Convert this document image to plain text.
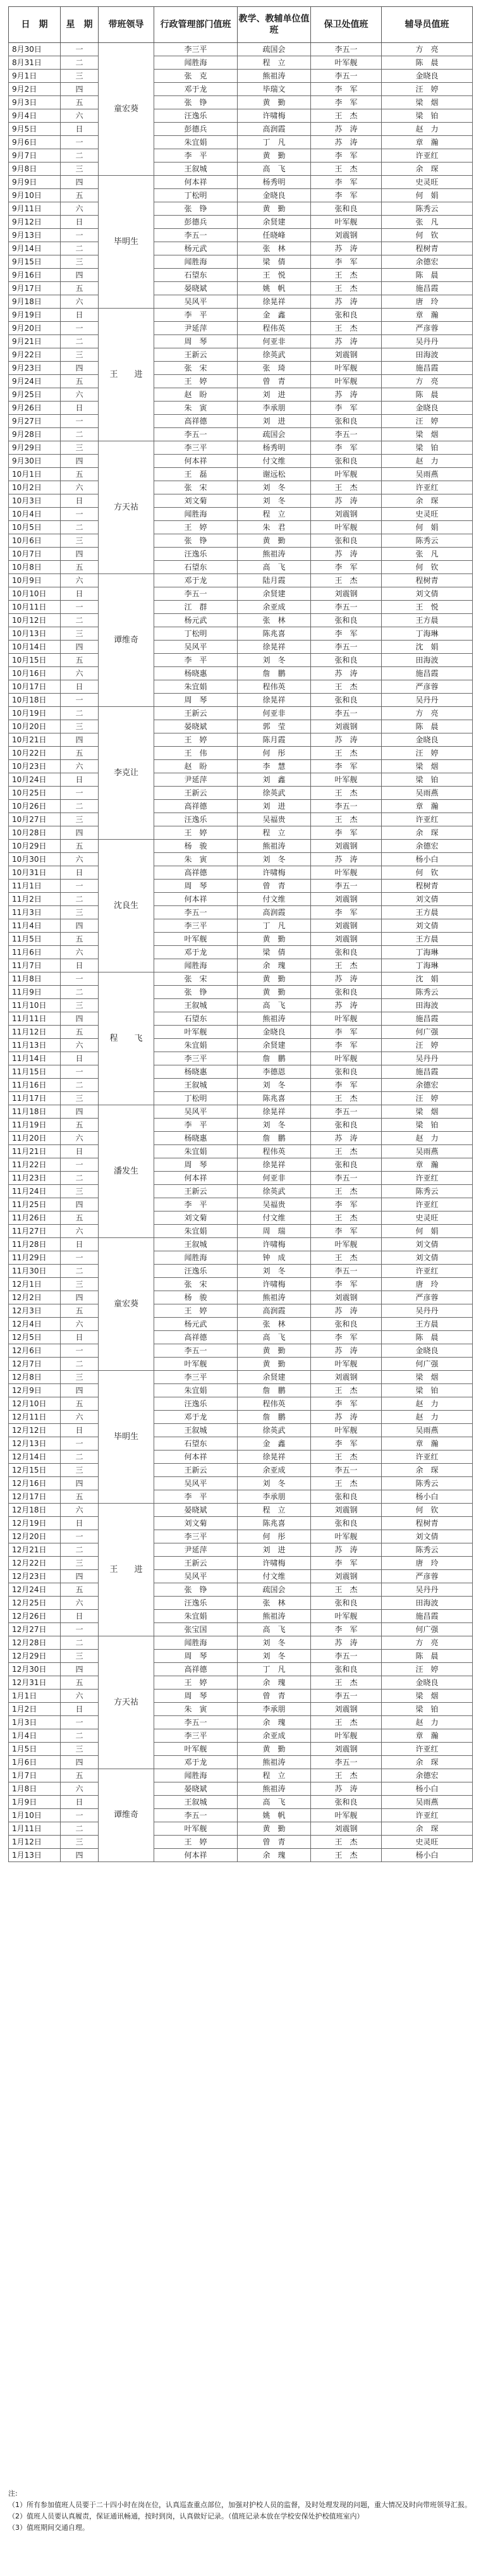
日　期	星　期	带班领导	行政管理部门值班	教学、教辅单位值班	保卫处值班	辅导员值班
8月30日	一	童宏葵	李三平	疏国会	李五一	方　亮
8月31日	二		闻胜海	程　立	叶军舰	陈　晨
9月1日	三		张　克	熊祖涛	李五一	金晓良
9月2日	四		邓于龙	毕瑞文	李　军	汪　婷
9月3日	五		张　铮	黄　勤	李　军	梁　烟
9月4日	六		汪逸乐	许啸梅	王　杰	梁　铂
9月5日	日		彭德兵	高润霞	苏　涛	赵　力
9月6日	一		朱宜娟	丁　凡	苏　涛	章　瀚
9月7日	二		李　平	黄　勤	李　军	许亚红
9月8日	三		王叙城	高　飞	王　杰	余　琛
9月9日	四	毕明生	何本祥	杨秀明	李　军	史灵旺
9月10日	五		丁松明	金晓良	李　军	何　娟
9月11日	六		张　铮	黄　勤	张和良	陈秀云
9月12日	日		彭德兵	余贤建	叶军舰	张　凡
9月13日	一		李五一	任晓峰	刘震钢	何　钦
9月14日	二		杨元武	张　林	苏　涛	程树青
9月15日	三		闻胜海	梁　倩	李　军	余德宏
9月16日	四		石望东	王　悦	王　杰	陈　晨
9月17日	五		晏晓斌	姚　帆	王　杰	施昌霞
9月18日	六		吴风平	徐晃祥	苏　涛	唐　玲
9月19日	日	王　　进	李　平	金　鑫	张和良	章　瀚
9月20日	一		尹延萍	程伟英	王　杰	严彦蓉
9月21日	二		周　琴	何亚非	苏　涛	吴丹丹
9月22日	三		王新云	徐英武	刘震钢	田海波
9月23日	四		张　宋	张　琦	叶军舰	施昌霞
9月24日	五		王　婷	曾　青	叶军舰	方　亮
9月25日	六		赵　盼	刘　进	苏　涛	陈　晨
9月26日	日		朱　寅	李承朋	李　军	金晓良
9月27日	一		高祥德	刘　进	张和良	汪　婷
9月28日	二		李五一	疏国会	李五一	梁　烟
9月29日	三	方天祜	李三平	杨秀明	李　军	梁　铂
9月30日	四		何本祥	付文维	张和良	赵　力
10月1日	五		王　磊	谢远松	叶军舰	吴雨燕
10月2日	六		张　宋	刘　冬	王　杰	许亚红
10月3日	日		刘文菊	刘　冬	苏　涛	余　琛
10月4日	一		闻胜海	程　立	刘震钢	史灵旺
10月5日	二		王　婷	朱　君	叶军舰	何　娟
10月6日	三		张　铮	黄　勤	张和良	陈秀云
10月7日	四		汪逸乐	熊祖涛	苏　涛	张　凡
10月8日	五		石望东	高　飞	李　军	何　钦
10月9日	六	谭维奇	邓于龙	陆月霞	王　杰	程树青
10月10日	日		李五一	余贤建	刘震钢	刘文倩
10月11日	一		江　群	余亚成	李五一	王　悦
10月12日	二		杨元武	张　林	张和良	王方晨
10月13日	三		丁松明	陈兆喜	李　军	丁海琳
10月14日	四		吴风平	徐晃祥	李五一	沈　娟
10月15日	五		李　平	刘　冬	张和良	田海波
10月16日	六		杨晓惠	詹　鹏	苏　涛	施昌霞
10月17日	日		朱宜娟	程伟英	王　杰	严彦蓉
10月18日	一		周　琴	徐晃祥	张和良	吴丹丹
10月19日	二	李克让	王新云	何亚非	李五一	方　亮
10月20日	三		晏晓斌	郭　莹	刘震钢	陈　晨
10月21日	四		王　婷	陈月霞	苏　涛	金晓良
10月22日	五		王　伟	何　彤	王　杰	汪　婷
10月23日	六		赵　盼	李　慧	李　军	梁　烟
10月24日	日		尹延萍	刘　鑫	叶军舰	梁　铂
10月25日	一		王新云	徐英武	王　杰	吴雨燕
10月26日	二		高祥德	刘　进	李五一	章　瀚
10月27日	三		汪逸乐	吴福贵	王　杰	许亚红
10月28日	四		王　婷	程　立	李　军	余　琛
10月29日	五	沈良生	杨　骏	熊祖涛	刘震钢	余德宏
10月30日	六		朱　寅	刘　冬	苏　涛	杨小白
10月31日	日		高祥德	许啸梅	叶军舰	何　钦
11月1日	一		周　琴	曾　青	李五一	程树青
11月2日	二		何本祥	付文维	刘震钢	刘文倩
11月3日	三		李五一	高润霞	李　军	王方晨
11月4日	四		李三平	丁　凡	刘震钢	刘文倩
11月5日	五		叶军舰	黄　勤	刘震钢	王方晨
11月6日	六		邓于龙	梁　倩	张和良	丁海琳
11月7日	日		闻胜海	余　瑰	王　杰	丁海琳
11月8日	一	程　　飞	张　宋	黄　勤	苏　涛	沈　娟
11月9日	二		张　铮	黄　勤	张和良	陈秀云
11月10日	三		王叙城	高　飞	苏　涛	田海波
11月11日	四		石望东	熊祖涛	叶军舰	施昌霞
11月12日	五		叶军舰	金晓良	李　军	何广强
11月13日	六		朱宜娟	余贤建	李　军	汪　婷
11月14日	日		李三平	詹　鹏	叶军舰	吴丹丹
11月15日	一		杨晓惠	李德恩	张和良	施昌霞
11月16日	二		王叙城	刘　冬	李　军	余德宏
11月17日	三		丁松明	陈兆喜	王　杰	汪　婷
11月18日	四	潘发生	吴风平	徐晃祥	李五一	梁　烟
11月19日	五		李　平	刘　冬	张和良	梁　铂
11月20日	六		杨晓惠	詹　鹏	苏　涛	赵　力
11月21日	日		朱宜娟	程伟英	王　杰	吴雨燕
11月22日	一		周　琴	徐晃祥	张和良	章　瀚
11月23日	二		何本祥	何亚非	李五一	许亚红
11月24日	三		王新云	徐英武	王　杰	陈秀云
11月25日	四		李　平	吴福贵	李　军	许亚红
11月26日	五		刘文菊	付文维	王　杰	史灵旺
11月27日	六		朱宜娟	周　瑞	李　军	何　娟
11月28日	日	童宏葵	王叙城	许啸梅	叶军舰	刘文倩
11月29日	一		闻胜海	钟　成	王　杰	刘文倩
11月30日	二		汪逸乐	刘　冬	李五一	许亚红
12月1日	三		张　宋	许啸梅	李　军	唐　玲
12月2日	四		杨　骏	熊祖涛	刘震钢	严彦蓉
12月3日	五		王　婷	高润霞	苏　涛	吴丹丹
12月4日	六		杨元武	张　林	张和良	王方晨
12月5日	日		高祥德	高　飞	李　军	陈　晨
12月6日	一		李五一	黄　勤	苏　涛	金晓良
12月7日	二		叶军舰	黄　勤	叶军舰	何广强
12月8日	三	毕明生	李三平	余贤建	刘震钢	梁　烟
12月9日	四		朱宜娟	詹　鹏	王　杰	梁　铂
12月10日	五		汪逸乐	程伟英	李　军	赵　力
12月11日	六		邓于龙	詹　鹏	苏　涛	赵　力
12月12日	日		王叙城	徐英武	叶军舰	吴雨燕
12月13日	一		石望东	金　鑫	李　军	章　瀚
12月14日	二		何本祥	徐晃祥	王　杰	许亚红
12月15日	三		王新云	余亚成	李五一	余　琛
12月16日	四		吴风平	刘　冬	王　杰	陈秀云
12月17日	五		李　平	李承朋	张和良	杨小白
12月18日	六	王　　进	晏晓斌	程　立	刘震钢	何　钦
12月19日	日		刘文菊	陈兆喜	张和良	程树青
12月20日	一		李三平	何　彤	叶军舰	刘文倩
12月21日	二		尹延萍	刘　进	苏　涛	陈秀云
12月22日	三		王新云	许啸梅	李　军	唐　玲
12月23日	四		吴风平	付文维	刘震钢	严彦蓉
12月24日	五		张　铮	疏国会	王　杰	吴丹丹
12月25日	六		汪逸乐	张　林	张和良	田海波
12月26日	日		朱宜娟	熊祖涛	叶军舰	施昌霞
12月27日	一		张宝国	高　飞	李　军	何广强
12月28日	二	方天祜	闻胜海	刘　冬	苏　涛	方　亮
12月29日	三		周　琴	刘　冬	李五一	陈　晨
12月30日	四		高祥德	丁　凡	张和良	汪　婷
12月31日	五		王　婷	余　瑰	王　杰	金晓良
1月1日	六		周　琴	曾　青	李五一	梁　烟
1月2日	日		朱　寅	李承朋	刘震钢	梁　铂
1月3日	一		李五一	余　瑰	王　杰	赵　力
1月4日	二		李三平	余亚成	叶军舰	章　瀚
1月5日	三		叶军舰	黄　勤	刘震钢	许亚红
1月6日	四		邓于龙	熊祖涛	李五一	余　琛
1月7日	五	谭维奇	闻胜海	程　立	王　杰	余德宏
1月8日	六		晏晓斌	熊祖涛	苏　涛	杨小白
1月9日	日		王叙城	高　飞	张和良	吴雨燕
1月10日	一		李五一	姚　帆	叶军舰	许亚红
1月11日	二		叶军舰	黄　勤	刘震钢	余　琛
1月12日	三		王　婷	曾　青	王　杰	史灵旺
1月13日	四		何本祥	余　瑰	王　杰	杨小白
注:
（1）所有参加值班人员要于二十四小时在岗在位，认真巡查重点部位，加强对护校人员的监督，及时处理发现的问题，重大情况及时向带班领导汇报。
（2）值班人员要认真履责，保证通讯畅通，按时到岗，认真做好记录。（值班记录本放在学校安保处护校值班室内）
（3）值班期间交通自理。
